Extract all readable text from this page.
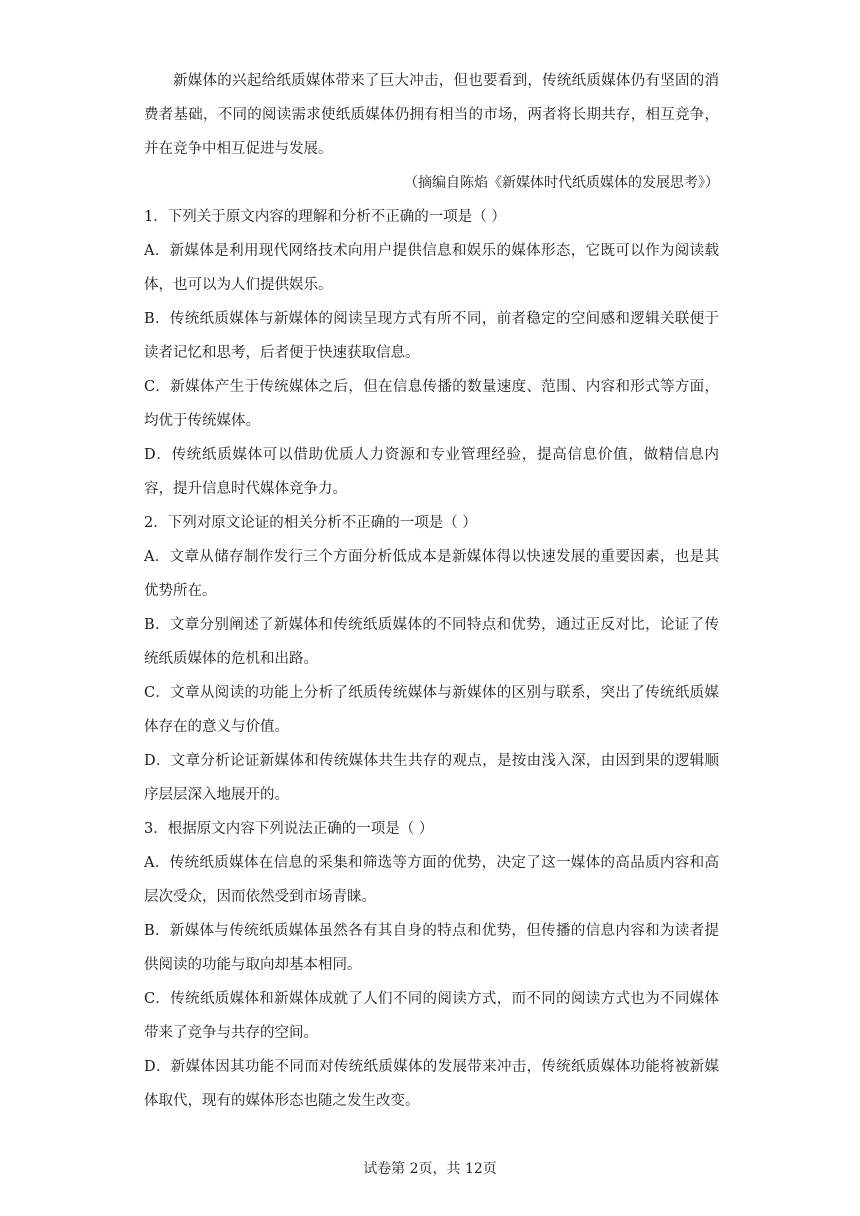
新媒体的兴起给纸质媒体带来了巨大冲击，但也要看到，传统纸质媒体仍有坚固的消费者基础，不同的阅读需求使纸质媒体仍拥有相当的市场，两者将长期共存，相互竞争，并在竞争中相互促进与发展。

（摘编自陈焰《新媒体时代纸质媒体的发展思考》）

1．下列关于原文内容的理解和分析不正确的一项是（ ）

A．新媒体是利用现代网络技术向用户提供信息和娱乐的媒体形态，它既可以作为阅读载体，也可以为人们提供娱乐。

B．传统纸质媒体与新媒体的阅读呈现方式有所不同，前者稳定的空间感和逻辑关联便于读者记忆和思考，后者便于快速获取信息。

C．新媒体产生于传统媒体之后，但在信息传播的数量速度、范围、内容和形式等方面，均优于传统媒体。

D．传统纸质媒体可以借助优质人力资源和专业管理经验，提高信息价值，做精信息内容，提升信息时代媒体竞争力。

2．下列对原文论证的相关分析不正确的一项是（ ）

A．文章从储存制作发行三个方面分析低成本是新媒体得以快速发展的重要因素，也是其优势所在。

B．文章分别阐述了新媒体和传统纸质媒体的不同特点和优势，通过正反对比，论证了传统纸质媒体的危机和出路。

C．文章从阅读的功能上分析了纸质传统媒体与新媒体的区别与联系，突出了传统纸质媒体存在的意义与价值。

D．文章分析论证新媒体和传统媒体共生共存的观点，是按由浅入深，由因到果的逻辑顺序层层深入地展开的。

3．根据原文内容下列说法正确的一项是（ ）

A．传统纸质媒体在信息的采集和筛选等方面的优势，决定了这一媒体的高品质内容和高层次受众，因而依然受到市场青睐。

B．新媒体与传统纸质媒体虽然各有其自身的特点和优势，但传播的信息内容和为读者提供阅读的功能与取向却基本相同。

C．传统纸质媒体和新媒体成就了人们不同的阅读方式，而不同的阅读方式也为不同媒体带来了竞争与共存的空间。

D．新媒体因其功能不同而对传统纸质媒体的发展带来冲击，传统纸质媒体功能将被新媒体取代，现有的媒体形态也随之发生改变。

试卷第 2页，共 12页
